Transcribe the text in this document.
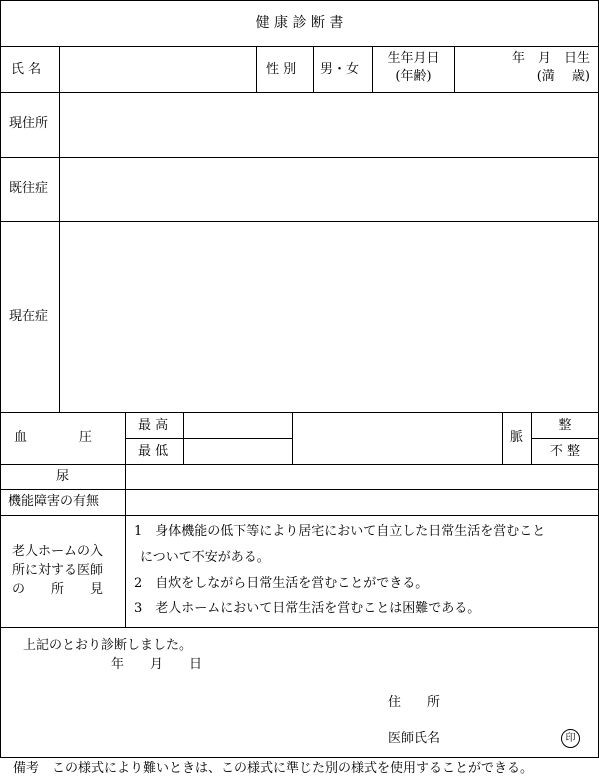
健 康 診 断 書
氏 名	性 別 男・女
生年月日
(年齢)
年　月　日生
(満　 歳)
現住所
既往症
現在症
血　　　　圧
最 高
最 低
脈
整
不 整
尿
機能障害の有無
老人ホームの入
所に対する医師
の　　所　　見
1　身体機能の低下等により居宅において自立した日常生活を営むこと
について不安がある。
2　自炊をしながら日常生活を営むことができる。
3　老人ホームにおいて日常生活を営むことは困難である。
上記のとおり診断しました。
年　　月　　日
住　　所
医師氏名	印
備考　この様式により難いときは、この様式に準じた別の様式を使用することができる。
